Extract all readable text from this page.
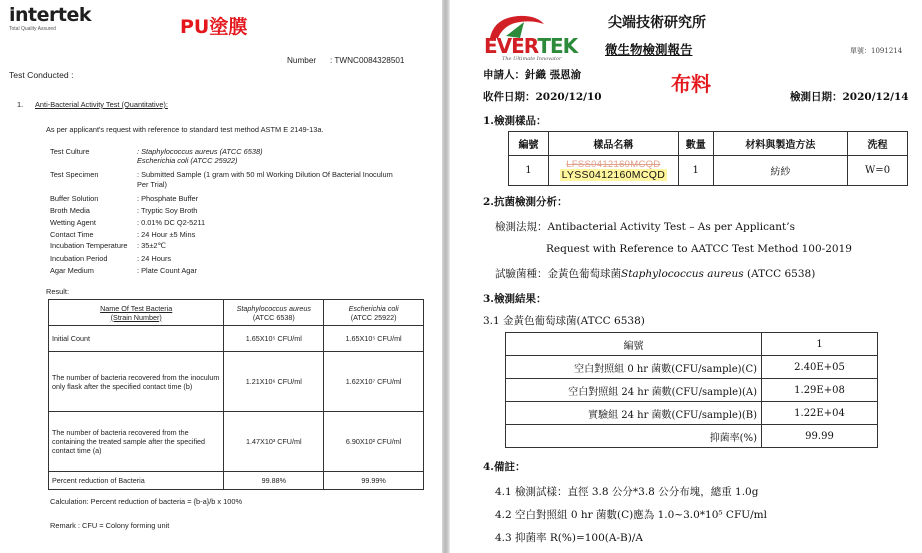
intertek
Total Quality Assured	PU塗膜
Number : TWNC0084328501
Test Conducted :
1. Anti-Bacterial Activity Test (Quantitative):
As per applicant's request with reference to standard test method ASTM E 2149-13a.
Test Culture	: Staphylococcus aureus (ATCC 6538)
Escherichia coli (ATCC 25922)
Test Specimen	: Submitted Sample (1 gram with 50 ml Working Dilution Of Bacterial Inoculum
Per Trial)
Buffer Solution	: Phosphate Buffer
Broth Media	: Tryptic Soy Broth
Wetting Agent	: 0.01% DC Q2-5211
Contact Time	: 24 Hour ±5 Mins
Incubation Temperature : 35±2℃
Incubation Period	: 24 Hours
Agar Medium	: Plate Count Agar
Result:
Name Of Test Bacteria
(Strain Number)	Staphylococcus aureus
(ATCC 6538)	Escherichia coli
(ATCC 25922)
Initial Count	1.65X10⁵ CFU/ml	1.65X10⁵ CFU/ml
The number of bacteria recovered from the inoculum only flask after the specified contact time (b)	1.21X10⁶ CFU/ml	1.62X10⁷ CFU/ml
The number of bacteria recovered from the containing the treated sample after the specified contact time (a)	1.47X10³ CFU/ml	6.90X10² CFU/ml
Percent reduction of Bacteria	99.88%	99.99%
Calculation: Percent reduction of bacteria = {b-a}/b x 100%
Remark : CFU = Colony forming unit
EVERTEK
The Ultimate Innovator
尖端技術研究所
微生物檢測報告	單號：1091214
申請人：針織 張恩渝	布料
收件日期：2020/12/10	檢測日期：2020/12/14
1.檢測樣品：
2.抗菌檢測分析：
檢測法規：Antibacterial Activity Test – As per Applicant’s
Request with Reference to AATCC Test Method 100-2019
試驗菌種：金黃色葡萄球菌Staphylococcus aureus (ATCC 6538)
3.檢測結果：
3.1 金黃色葡萄球菌(ATCC 6538)
4.備註：
4.1 檢測試樣：直徑 3.8 公分*3.8 公分布塊，總重 1.0g
4.2 空白對照組 0 hr 菌數(C)應為 1.0~3.0*10⁵ CFU/ml
4.3 抑菌率 R(%)=100(A-B)/A
編號	樣品名稱	數量	材料與製造方法	洗程
1	LFSS0412160MCQD
LYSS0412160MCQD	1	紡紗	W=0
編號	1
空白對照組 0 hr 菌數(CFU/sample)(C)	2.40E+05
空白對照組 24 hr 菌數(CFU/sample)(A)	1.29E+08
實驗組 24 hr 菌數(CFU/sample)(B)	1.22E+04
抑菌率(%)	99.99
